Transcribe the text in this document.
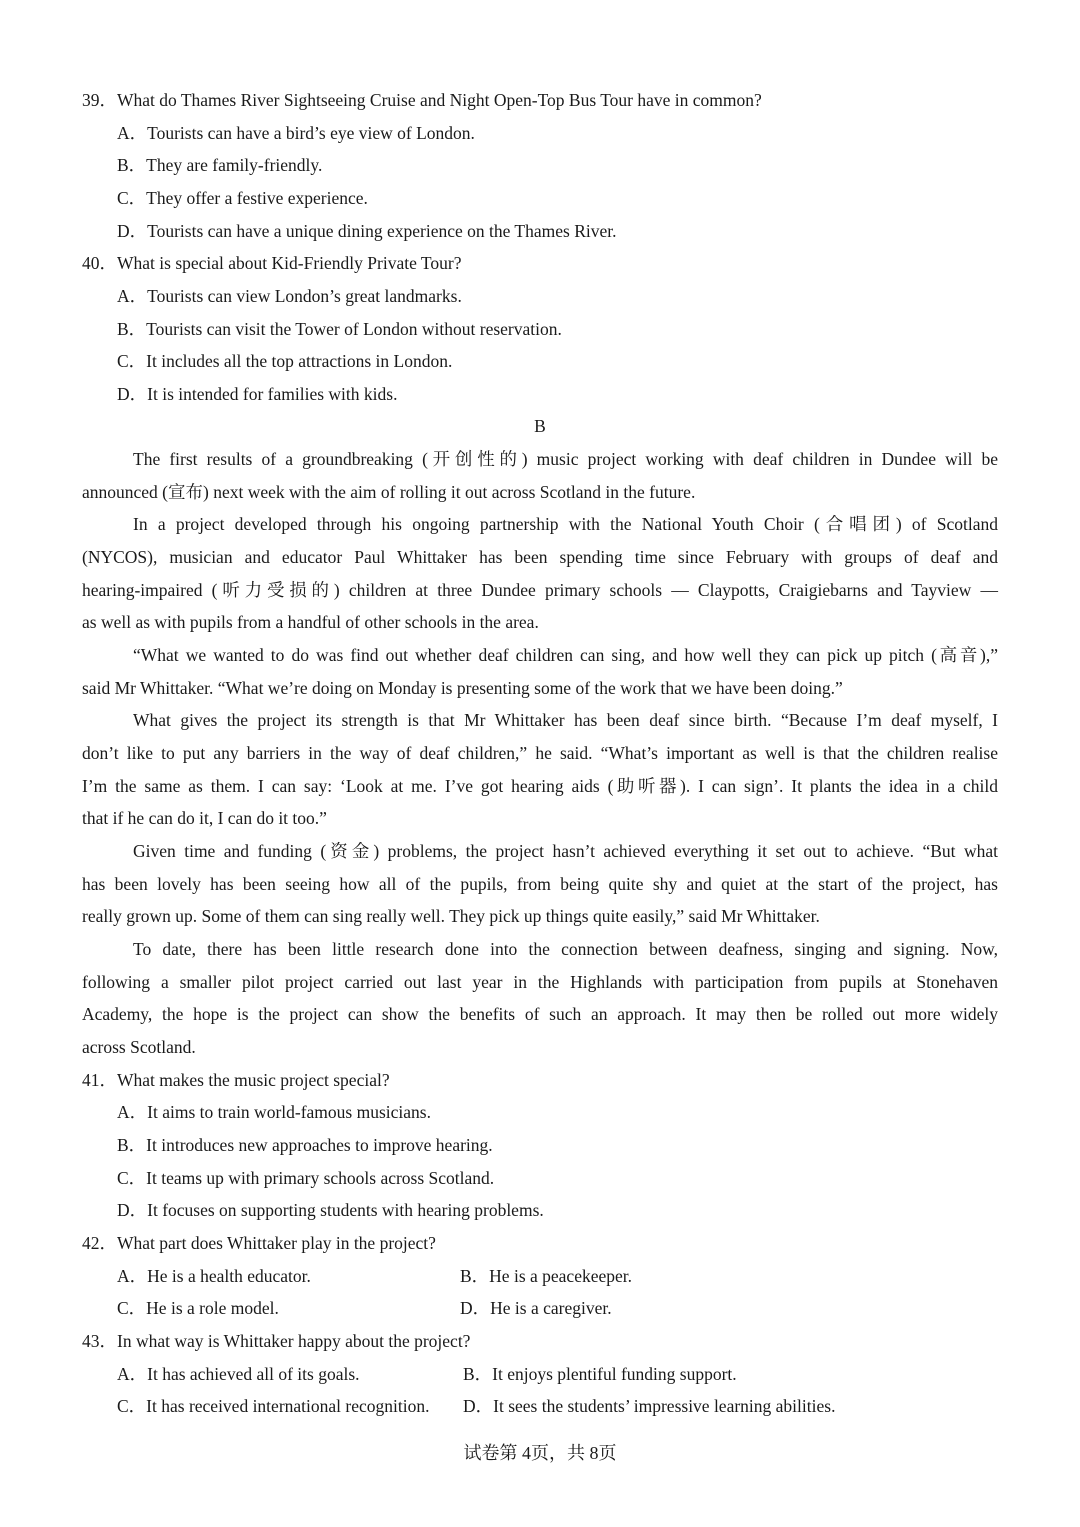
39．What do Thames River Sightseeing Cruise and Night Open-Top Bus Tour have in common?
A．Tourists can have a bird’s eye view of London.
B．They are family-friendly.
C．They offer a festive experience.
D．Tourists can have a unique dining experience on the Thames River.
40．What is special about Kid-Friendly Private Tour?
A．Tourists can view London’s great landmarks.
B．Tourists can visit the Tower of London without reservation.
C．It includes all the top attractions in London.
D．It is intended for families with kids.
B
The first results of a groundbreaking (开创性的) music project working with deaf children in Dundee will be
announced (宣布) next week with the aim of rolling it out across Scotland in the future.
In a project developed through his ongoing partnership with the National Youth Choir (合唱团) of Scotland
(NYCOS), musician and educator Paul Whittaker has been spending time since February with groups of deaf and
hearing-impaired (听力受损的) children at three Dundee primary schools — Claypotts, Craigiebarns and Tayview —
as well as with pupils from a handful of other schools in the area.
“What we wanted to do was find out whether deaf children can sing, and how well they can pick up pitch (高音),”
said Mr Whittaker. “What we’re doing on Monday is presenting some of the work that we have been doing.”
What gives the project its strength is that Mr Whittaker has been deaf since birth. “Because I’m deaf myself, I
don’t like to put any barriers in the way of deaf children,” he said. “What’s important as well is that the children realise
I’m the same as them. I can say: ‘Look at me. I’ve got hearing aids (助听器). I can sign’. It plants the idea in a child
that if he can do it, I can do it too.”
Given time and funding (资金) problems, the project hasn’t achieved everything it set out to achieve. “But what
has been lovely has been seeing how all of the pupils, from being quite shy and quiet at the start of the project, has
really grown up. Some of them can sing really well. They pick up things quite easily,” said Mr Whittaker.
To date, there has been little research done into the connection between deafness, singing and signing. Now,
following a smaller pilot project carried out last year in the Highlands with participation from pupils at Stonehaven
Academy, the hope is the project can show the benefits of such an approach. It may then be rolled out more widely
across Scotland.
41．What makes the music project special?
A．It aims to train world-famous musicians.
B．It introduces new approaches to improve hearing.
C．It teams up with primary schools across Scotland.
D．It focuses on supporting students with hearing problems.
42．What part does Whittaker play in the project?
A．He is a health educator.	B．He is a peacekeeper.
C．He is a role model.	D．He is a caregiver.
43．In what way is Whittaker happy about the project?
A．It has achieved all of its goals.	B．It enjoys plentiful funding support.
C．It has received international recognition. D．It sees the students’ impressive learning abilities.
试卷第 4页，共 8页
